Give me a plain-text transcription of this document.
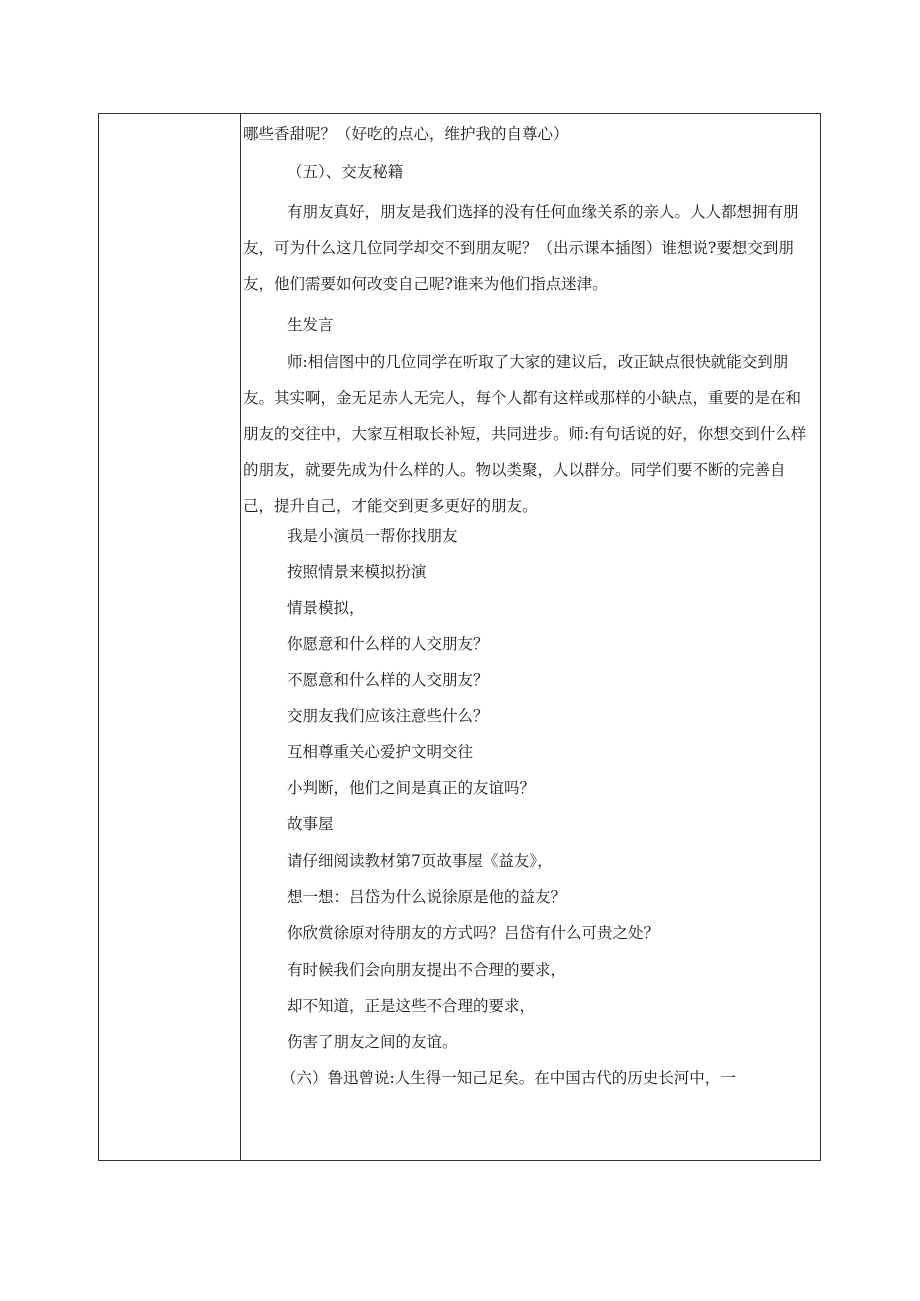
哪些香甜呢？（好吃的点心，维护我的自尊心）
（五）、交友秘籍

有朋友真好，朋友是我们选择的没有任何血缘关系的亲人。人人都想拥有朋友，可为什么这几位同学却交不到朋友呢？（出示课本插图）谁想说?要想交到朋友，他们需要如何改变自己呢?谁来为他们指点迷津。

生发言

师:相信图中的几位同学在听取了大家的建议后，改正缺点很快就能交到朋友。其实啊，金无足赤人无完人，每个人都有这样或那样的小缺点，重要的是在和朋友的交往中，大家互相取长补短，共同进步。师:有句话说的好，你想交到什么样的朋友，就要先成为什么样的人。物以类聚，人以群分。同学们要不断的完善自己，提升自己，才能交到更多更好的朋友。

我是小演员一帮你找朋友
按照情景来模拟扮演
情景模拟，
你愿意和什么样的人交朋友？
不愿意和什么样的人交朋友？
交朋友我们应该注意些什么？
互相尊重关心爱护文明交往
小判断，他们之间是真正的友谊吗？
故事屋
请仔细阅读教材第7页故事屋《益友》，
想一想：吕岱为什么说徐原是他的益友？
你欣赏徐原对待朋友的方式吗？吕岱有什么可贵之处？
有时候我们会向朋友提出不合理的要求，
却不知道，正是这些不合理的要求，
伤害了朋友之间的友谊。
（六）鲁迅曾说:人生得一知己足矣。在中国古代的历史长河中，一
